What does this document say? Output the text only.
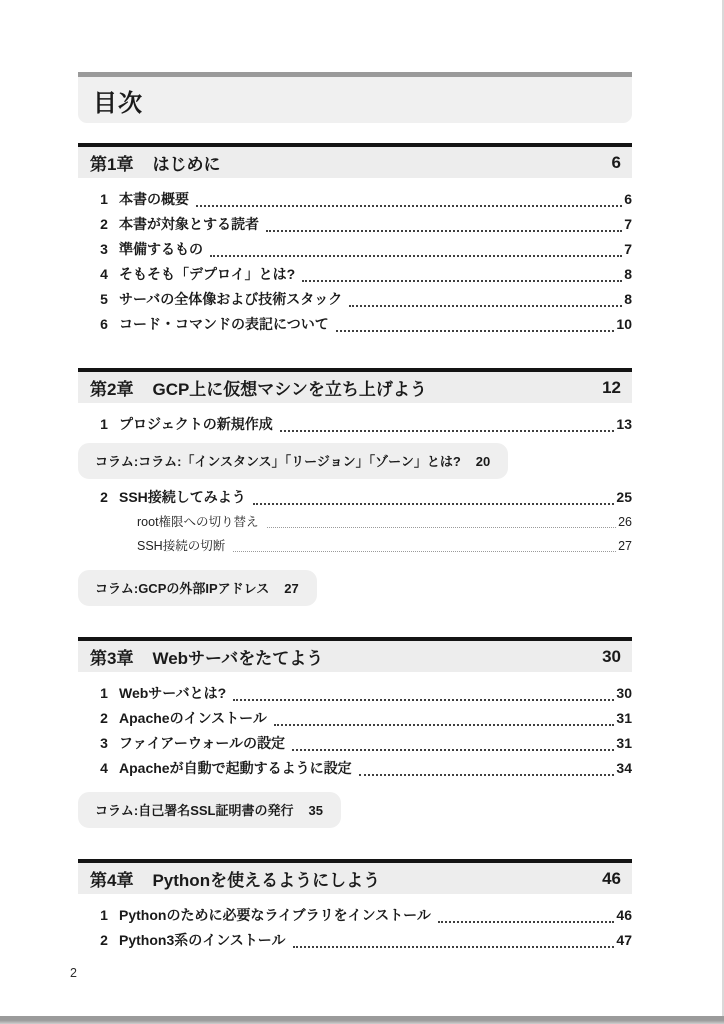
目次
第1章 はじめに	6
1 本書の概要	6
2 本書が対象とする読者	7
3 準備するもの	7
4 そもそも「デプロイ」とは?	8
5 サーバの全体像および技術スタック	8
6 コード・コマンドの表記について	10
第2章 GCP上に仮想マシンを立ち上げよう	12
1 プロジェクトの新規作成	13
コラム:コラム:「インスタンス」「リージョン」「ゾーン」とは? 20
2 SSH接続してみよう	25
root権限への切り替え	26
SSH接続の切断	27
コラム:GCPの外部IPアドレス 27
第3章 Webサーバをたてよう	30
1 Webサーバとは?	30
2 Apacheのインストール	31
3 ファイアーウォールの設定	31
4 Apacheが自動で起動するように設定	34
コラム:自己署名SSL証明書の発行 35
第4章 Pythonを使えるようにしよう	46
1 Pythonのために必要なライブラリをインストール	46
2 Python3系のインストール	47
2
